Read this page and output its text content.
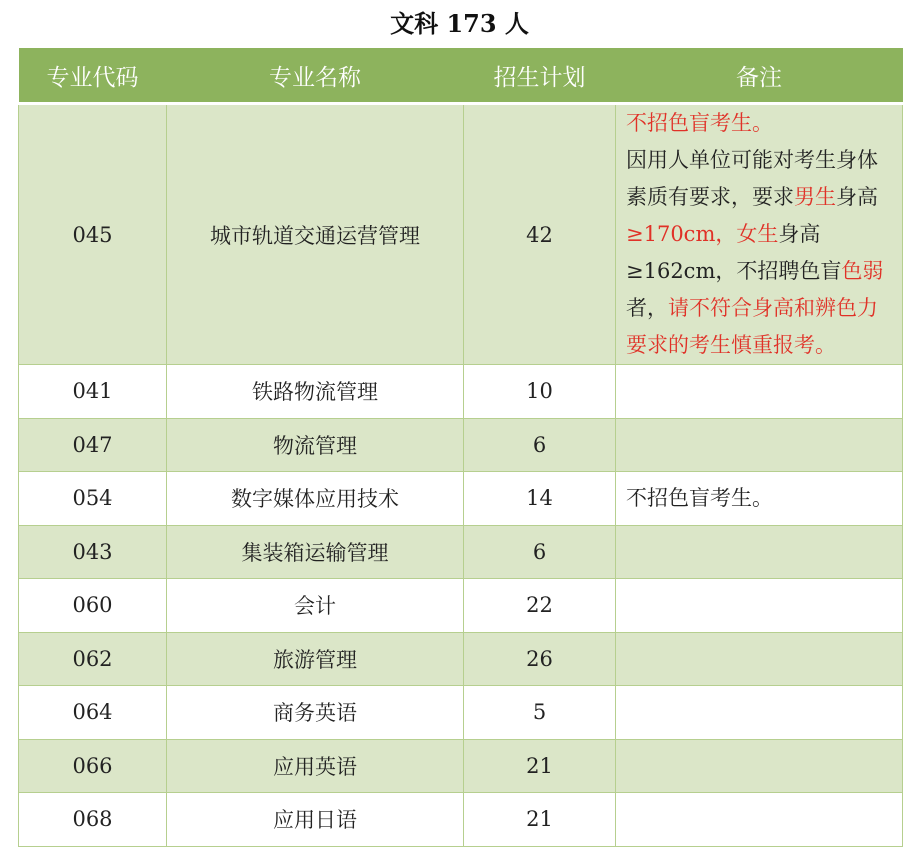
文科 173 人
专业代码	专业名称	招生计划	备注
045	城市轨道交通运营管理	42	不招色盲考生。
因用人单位可能对考生身体素质有要求，要求男生身高≥170cm，女生身高≥162cm，不招聘色盲色弱者，请不符合身高和辨色力要求的考生慎重报考。
041	铁路物流管理	10	
047	物流管理	6	
054	数字媒体应用技术	14	不招色盲考生。
043	集装箱运输管理	6	
060	会计	22	
062	旅游管理	26	
064	商务英语	5	
066	应用英语	21	
068	应用日语	21	
